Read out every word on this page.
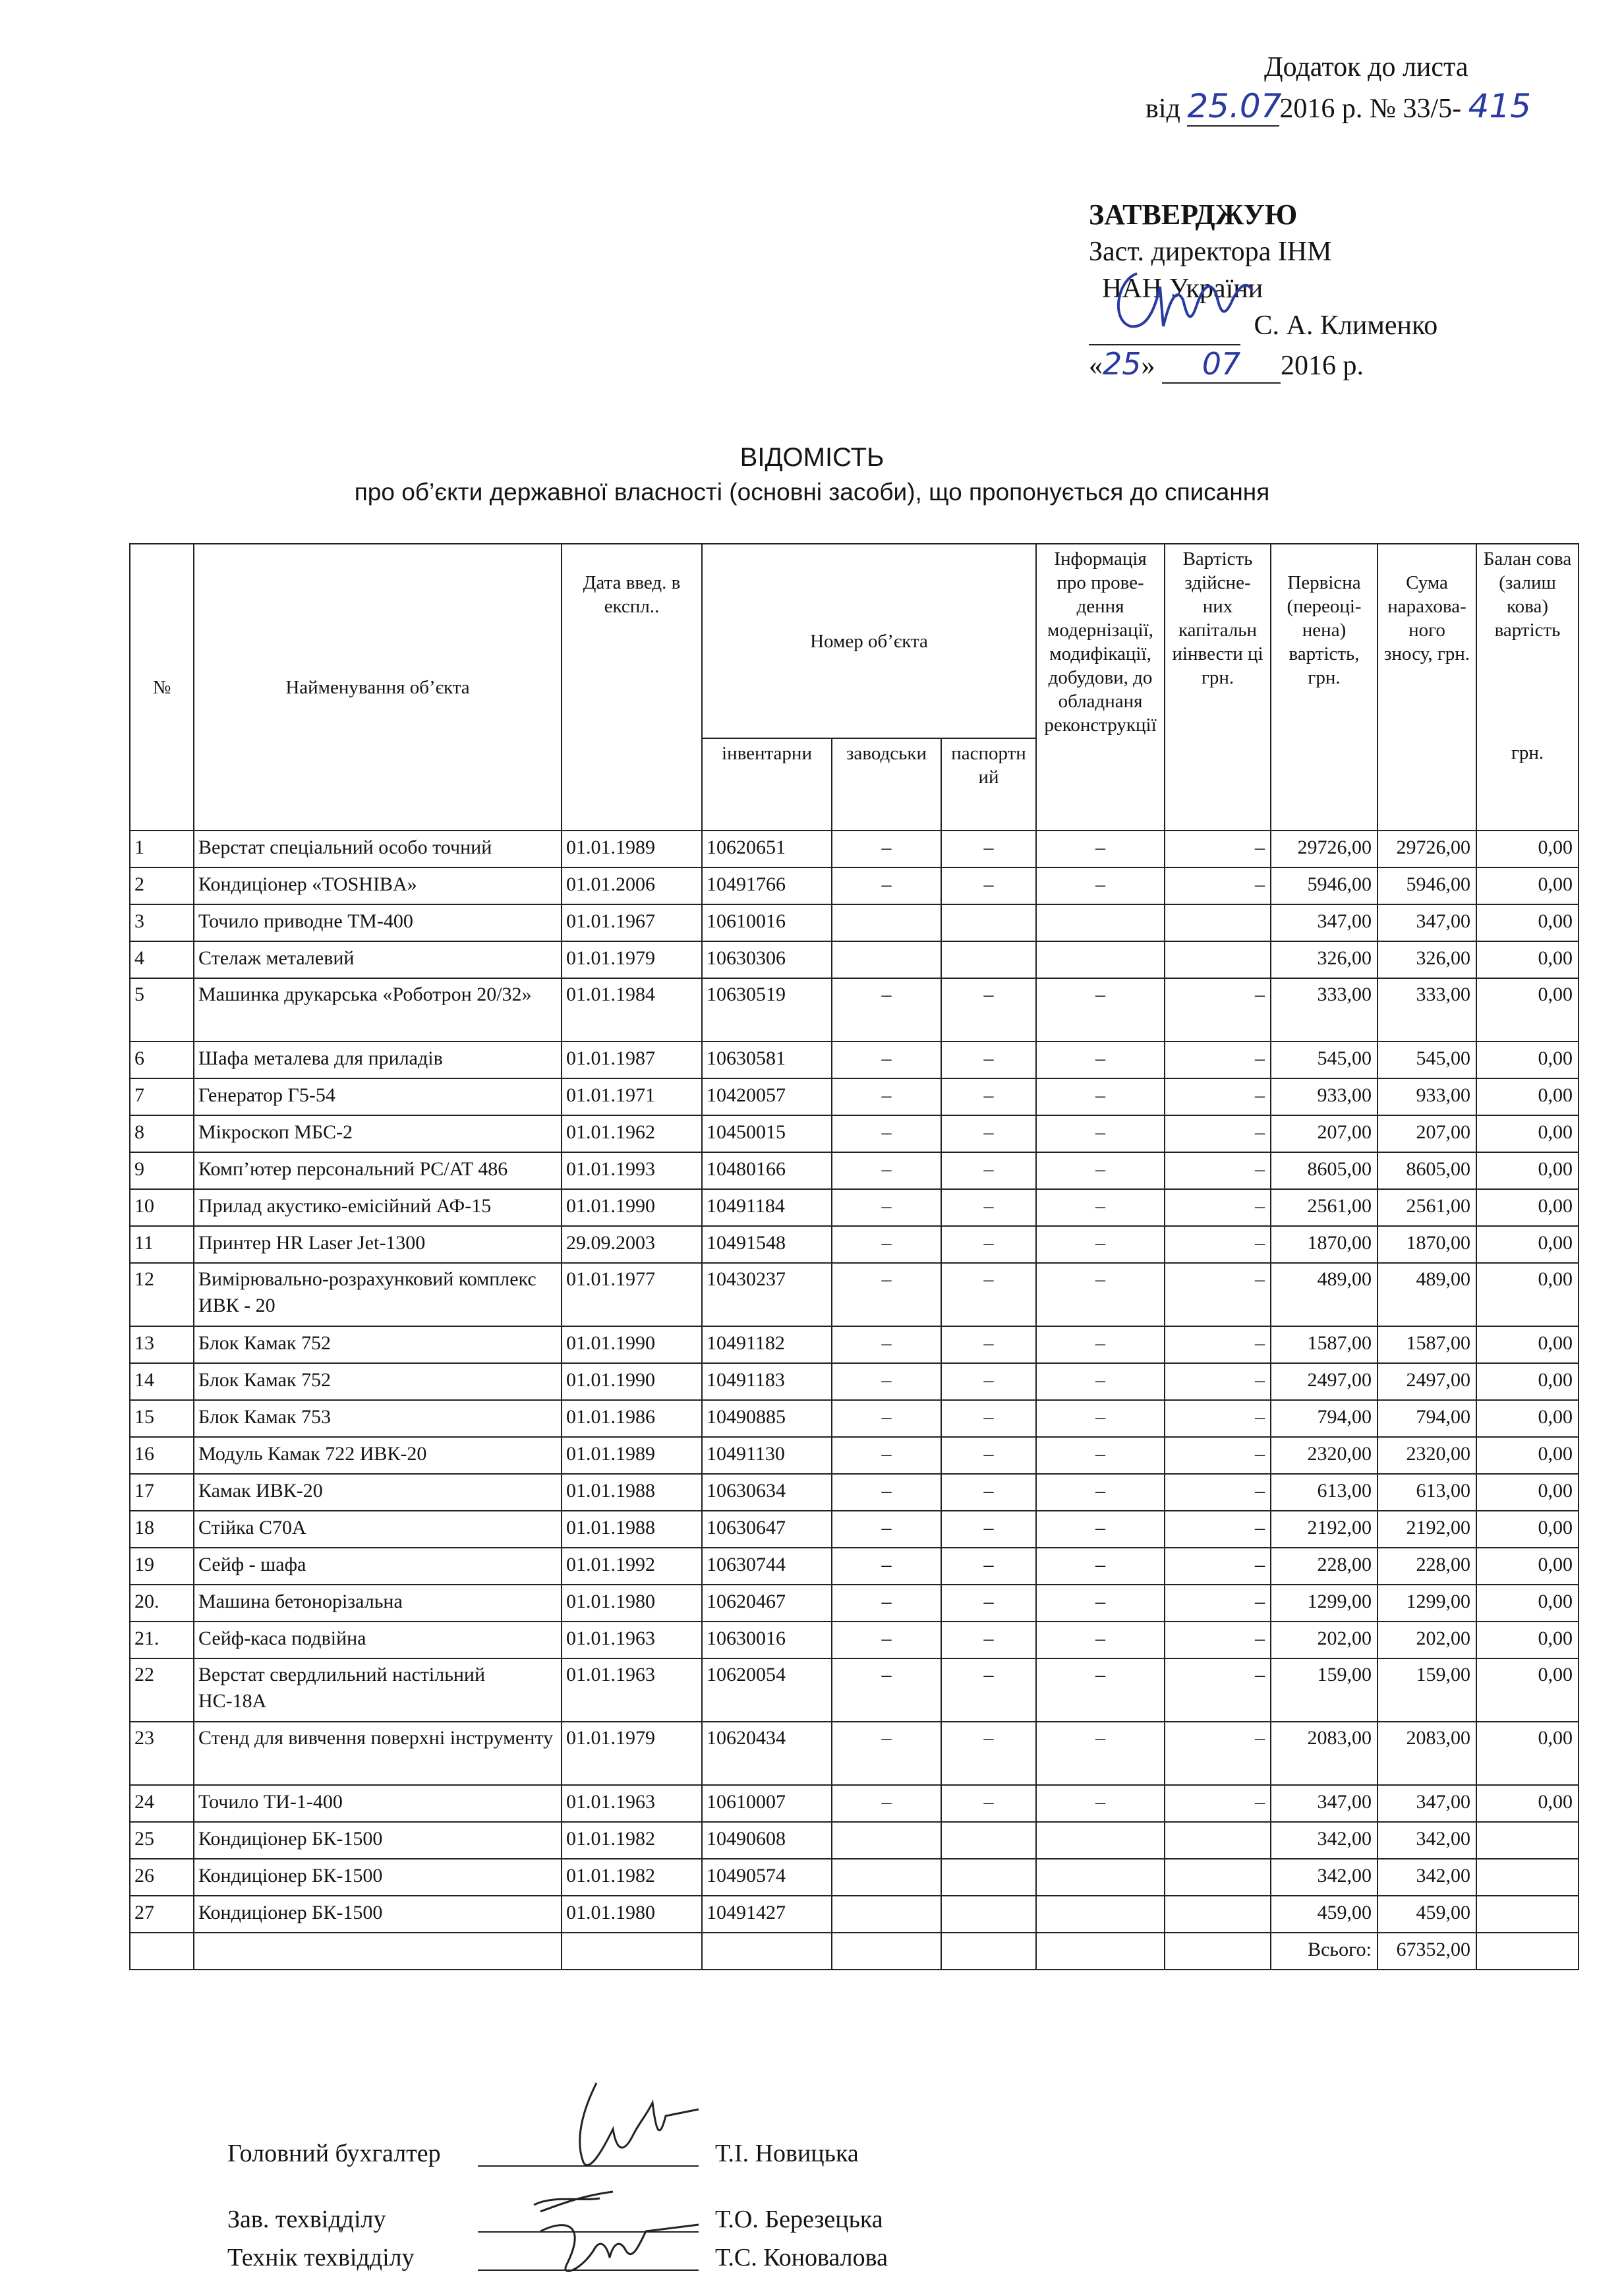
Додаток до листа
від 25.072016 р. № 33/5- 415
ЗАТВЕРДЖУЮ
Заст. директора ІНМ
НАН України
С. А. Клименко
«25» 07 2016 р.
ВІДОМІСТЬ
про об’єкти державної власності (основні засоби), що пропонується до списання
№	Найменування об’єкта	Дата введ. в експл..	Номер об’єкта			Інформація про прове-дення модернізації, модифікації, добудови, до обладнаня реконструкції	Вартість здійсне-них капітальн иінвести ці грн.	Первісна (переоці-нена) вартість, грн.	Сума нарахова-ного зносу, грн.	Балан сова (залиш кова) вартість
			інвентарни	заводськи	паспортн ий					грн.
1	Верстат спеціальний особо точний	01.01.1989	10620651	–	–	–	–	29726,00	29726,00	0,00
2	Кондиціонер «TOSHIBA»	01.01.2006	10491766	–	–	–	–	5946,00	5946,00	0,00
3	Точило приводне ТМ-400	01.01.1967	10610016					347,00	347,00	0,00
4	Стелаж металевий	01.01.1979	10630306					326,00	326,00	0,00
5	Машинка друкарська «Роботрон 20/32»	01.01.1984	10630519	–	–	–	–	333,00	333,00	0,00
6	Шафа металева для приладів	01.01.1987	10630581	–	–	–	–	545,00	545,00	0,00
7	Генератор Г5-54	01.01.1971	10420057	–	–	–	–	933,00	933,00	0,00
8	Мікроскоп МБС-2	01.01.1962	10450015	–	–	–	–	207,00	207,00	0,00
9	Комп’ютер персональний PC/AT 486	01.01.1993	10480166	–	–	–	–	8605,00	8605,00	0,00
10	Прилад акустико-емісійний АФ-15	01.01.1990	10491184	–	–	–	–	2561,00	2561,00	0,00
11	Принтер HR Laser Jet-1300	29.09.2003	10491548	–	–	–	–	1870,00	1870,00	0,00
12	Вимірювально-розрахунковий комплекс ИВК - 20	01.01.1977	10430237	–	–	–	–	489,00	489,00	0,00
13	Блок Камак 752	01.01.1990	10491182	–	–	–	–	1587,00	1587,00	0,00
14	Блок Камак 752	01.01.1990	10491183	–	–	–	–	2497,00	2497,00	0,00
15	Блок Камак 753	01.01.1986	10490885	–	–	–	–	794,00	794,00	0,00
16	Модуль Камак 722 ИВК-20	01.01.1989	10491130	–	–	–	–	2320,00	2320,00	0,00
17	Камак ИВК-20	01.01.1988	10630634	–	–	–	–	613,00	613,00	0,00
18	Стійка С70А	01.01.1988	10630647	–	–	–	–	2192,00	2192,00	0,00
19	Сейф - шафа	01.01.1992	10630744	–	–	–	–	228,00	228,00	0,00
20.	Машина бетонорізальна	01.01.1980	10620467	–	–	–	–	1299,00	1299,00	0,00
21.	Сейф-каса подвійна	01.01.1963	10630016	–	–	–	–	202,00	202,00	0,00
22	Верстат свердлильний настільний НС-18А	01.01.1963	10620054	–	–	–	–	159,00	159,00	0,00
23	Стенд для вивчення поверхні інструменту	01.01.1979	10620434	–	–	–	–	2083,00	2083,00	0,00
24	Точило ТИ-1-400	01.01.1963	10610007	–	–	–	–	347,00	347,00	0,00
25	Кондиціонер БК-1500	01.01.1982	10490608					342,00	342,00	
26	Кондиціонер БК-1500	01.01.1982	10490574					342,00	342,00	
27	Кондиціонер БК-1500	01.01.1980	10491427					459,00	459,00	
								Всього:	67352,00	
Головний бухгалтер	Т.І. Новицька
Зав. техвідділу	Т.О. Березецька
Технік техвідділу	Т.С. Коновалова
